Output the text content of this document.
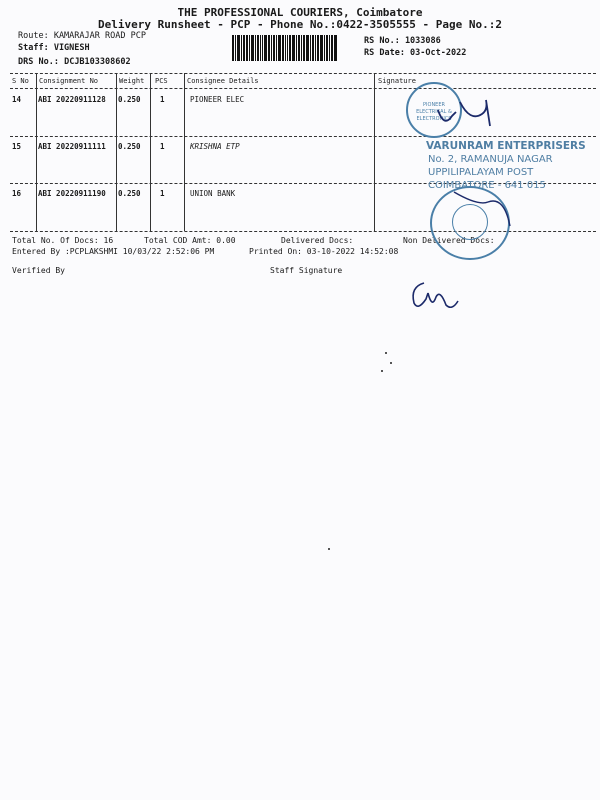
THE PROFESSIONAL COURIERS, Coimbatore
Delivery Runsheet - PCP - Phone No.:0422-3505555 - Page No.:2
Route: KAMARAJAR ROAD PCP
Staff: VIGNESH
DRS No.: DCJB103308602
RS No.: 1033086
RS Date: 03-Oct-2022
S No Consignment No	Weight PCS	Consignee Details	Signature
14 ABI 20220911128 0.250	1	PIONEER ELEC
15 ABI 20220911111 0.250	1	KRISHNA ETP
16 ABI 20220911190 0.250	1	UNION BANK
Total No. Of Docs: 16	Total COD Amt: 0.00	Delivered Docs:	Non Delivered Docs:
Entered By :PCPLAKSHMI 10/03/22 2:52:06 PM	Printed On: 03-10-2022 14:52:08
Verified By	Staff Signature
PIONEER ELECTRICAL & ELECTRONICS
VARUNRAM ENTERPRISERS
No. 2, RAMANUJA NAGAR
UPPILIPALAYAM POST
COIMBATORE - 641 015
